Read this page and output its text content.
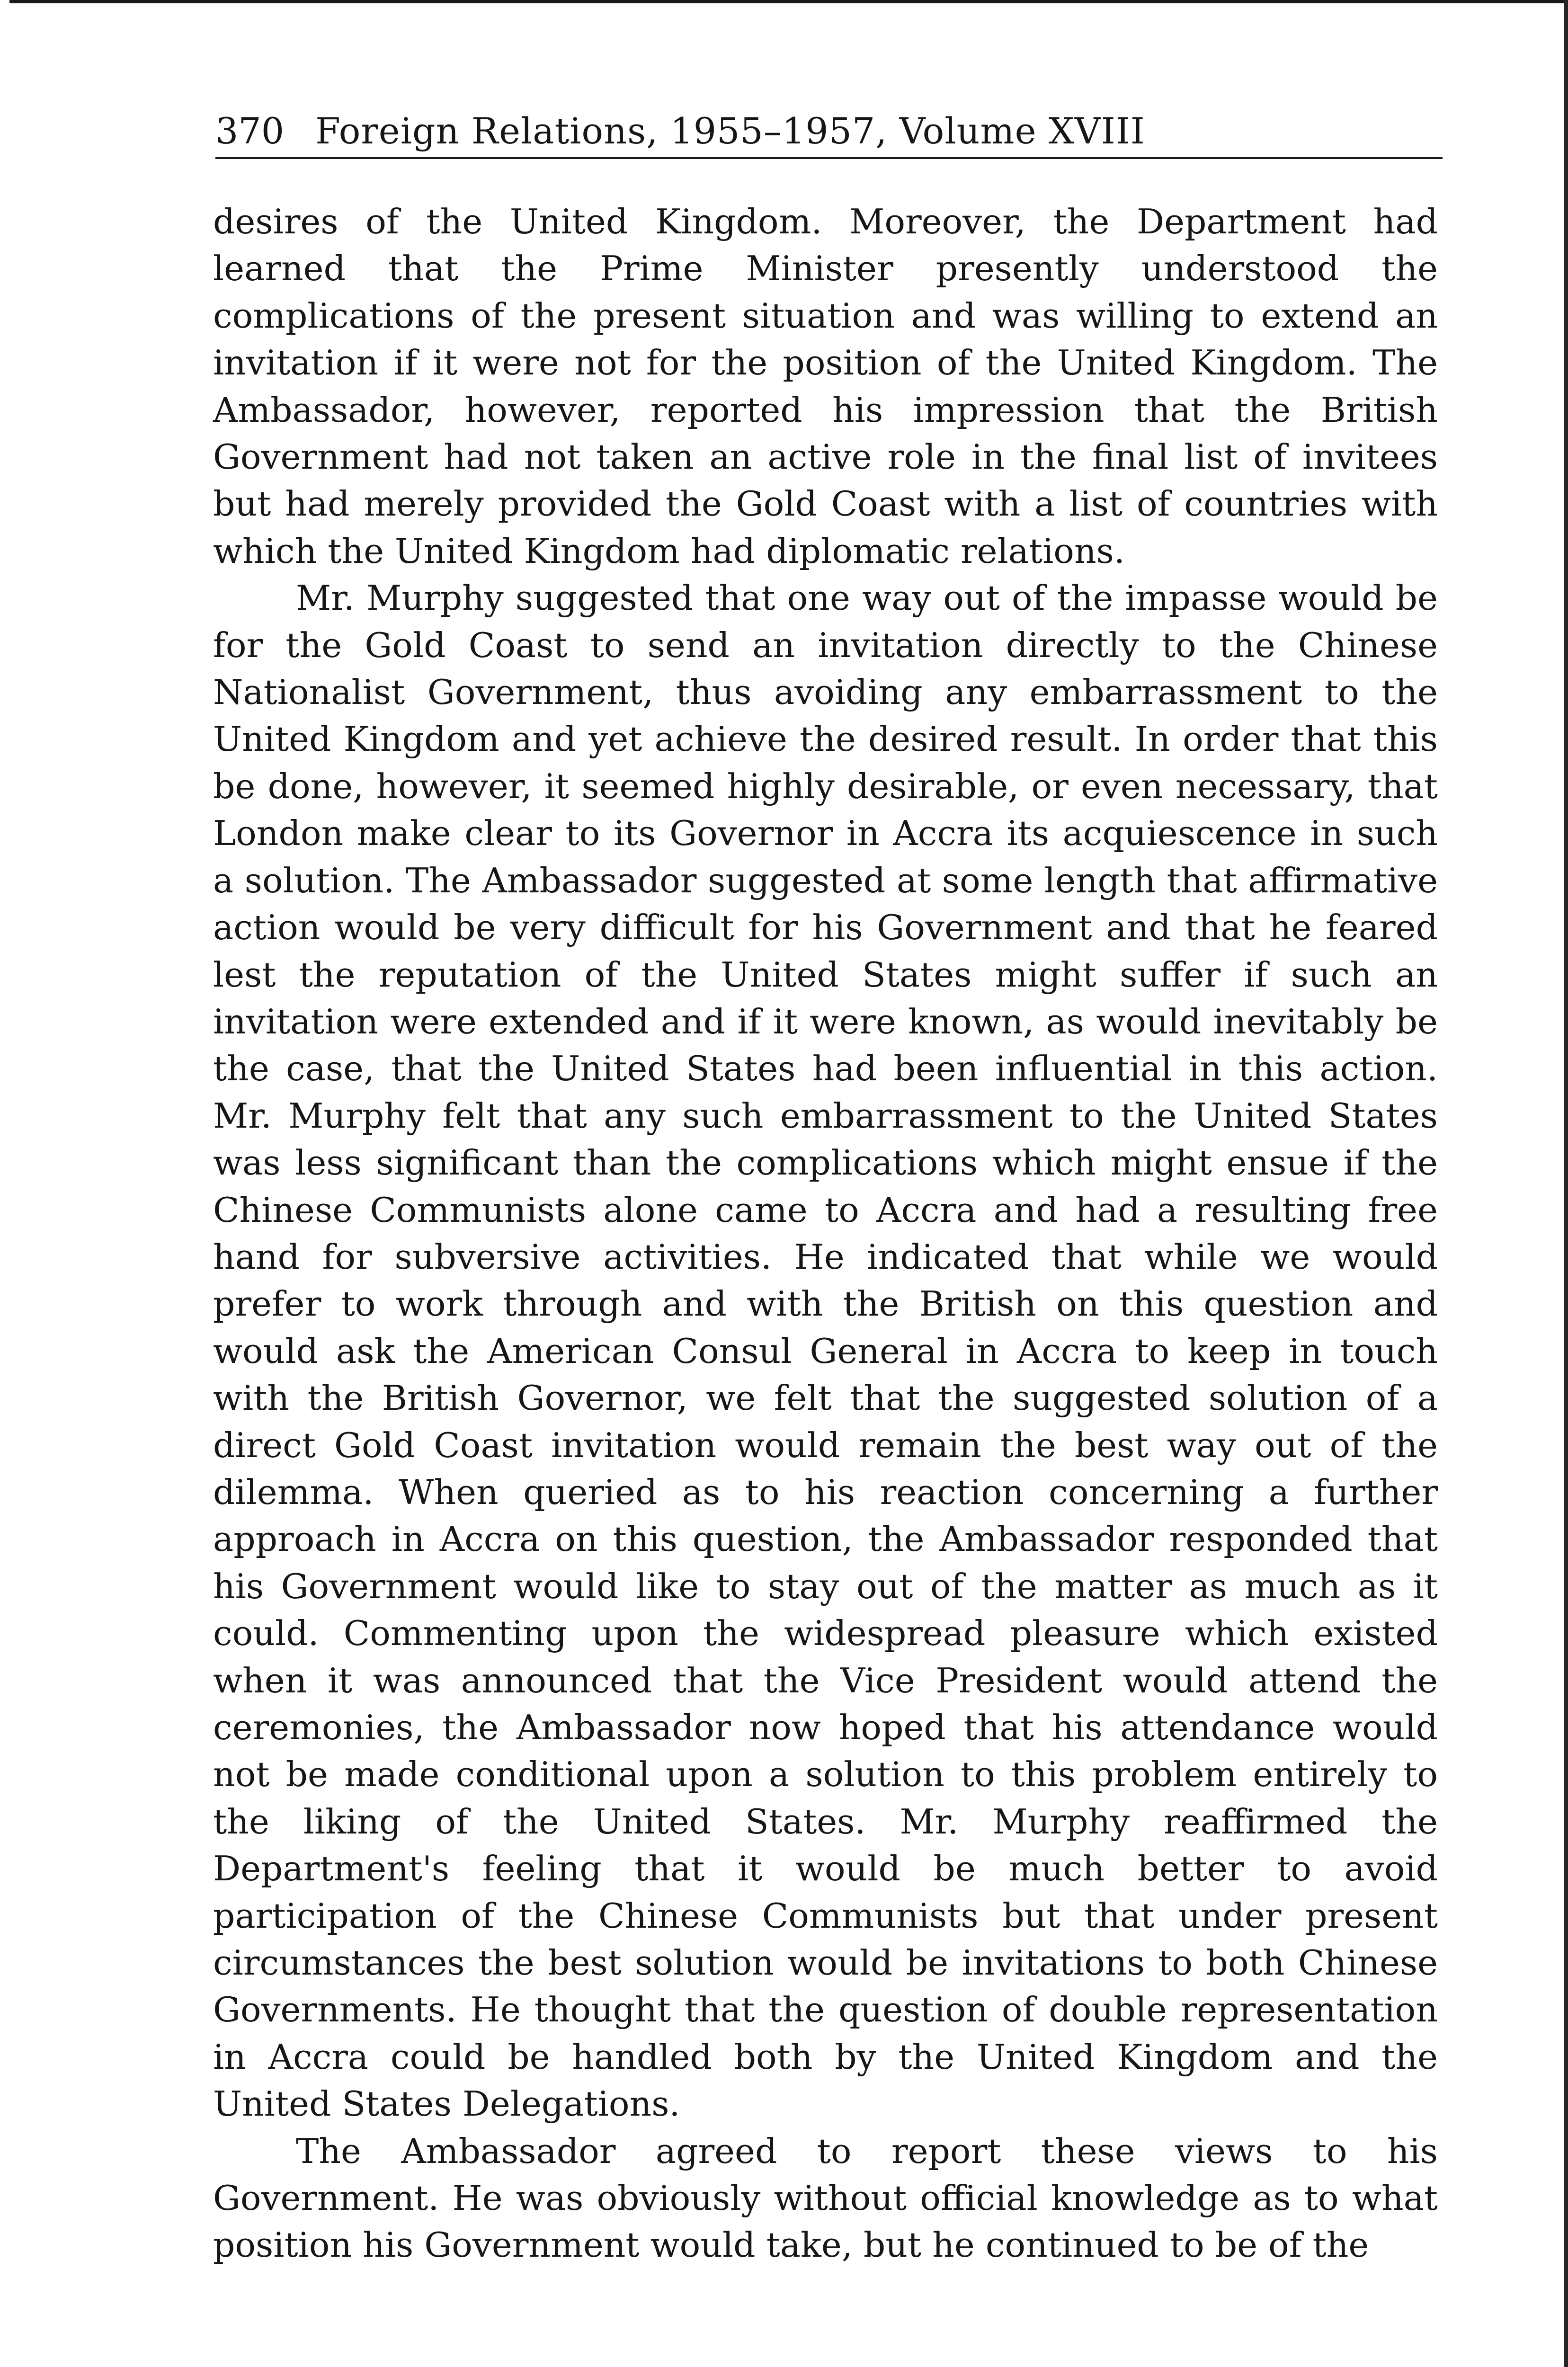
370 Foreign Relations, 1955–1957, Volume XVIII

desires of the United Kingdom. Moreover, the Department had learned that the Prime Minister presently understood the complications of the present situation and was willing to extend an invitation if it were not for the position of the United Kingdom. The Ambassador, however, reported his impression that the British Government had not taken an active role in the final list of invitees but had merely provided the Gold Coast with a list of countries with which the United Kingdom had diplomatic relations.

Mr. Murphy suggested that one way out of the impasse would be for the Gold Coast to send an invitation directly to the Chinese Nationalist Government, thus avoiding any embarrassment to the United Kingdom and yet achieve the desired result. In order that this be done, however, it seemed highly desirable, or even necessary, that London make clear to its Governor in Accra its acquiescence in such a solution. The Ambassador suggested at some length that affirmative action would be very difficult for his Government and that he feared lest the reputation of the United States might suffer if such an invitation were extended and if it were known, as would inevitably be the case, that the United States had been influential in this action. Mr. Murphy felt that any such embarrassment to the United States was less significant than the complications which might ensue if the Chinese Communists alone came to Accra and had a resulting free hand for subversive activities. He indicated that while we would prefer to work through and with the British on this question and would ask the American Consul General in Accra to keep in touch with the British Governor, we felt that the suggested solution of a direct Gold Coast invitation would remain the best way out of the dilemma. When queried as to his reaction concerning a further approach in Accra on this question, the Ambassador responded that his Government would like to stay out of the matter as much as it could. Commenting upon the widespread pleasure which existed when it was announced that the Vice President would attend the ceremonies, the Ambassador now hoped that his attendance would not be made conditional upon a solution to this problem entirely to the liking of the United States. Mr. Murphy reaffirmed the Department's feeling that it would be much better to avoid participation of the Chinese Communists but that under present circumstances the best solution would be invitations to both Chinese Governments. He thought that the question of double representation in Accra could be handled both by the United Kingdom and the United States Delegations.

The Ambassador agreed to report these views to his Government. He was obviously without official knowledge as to what position his Government would take, but he continued to be of the
